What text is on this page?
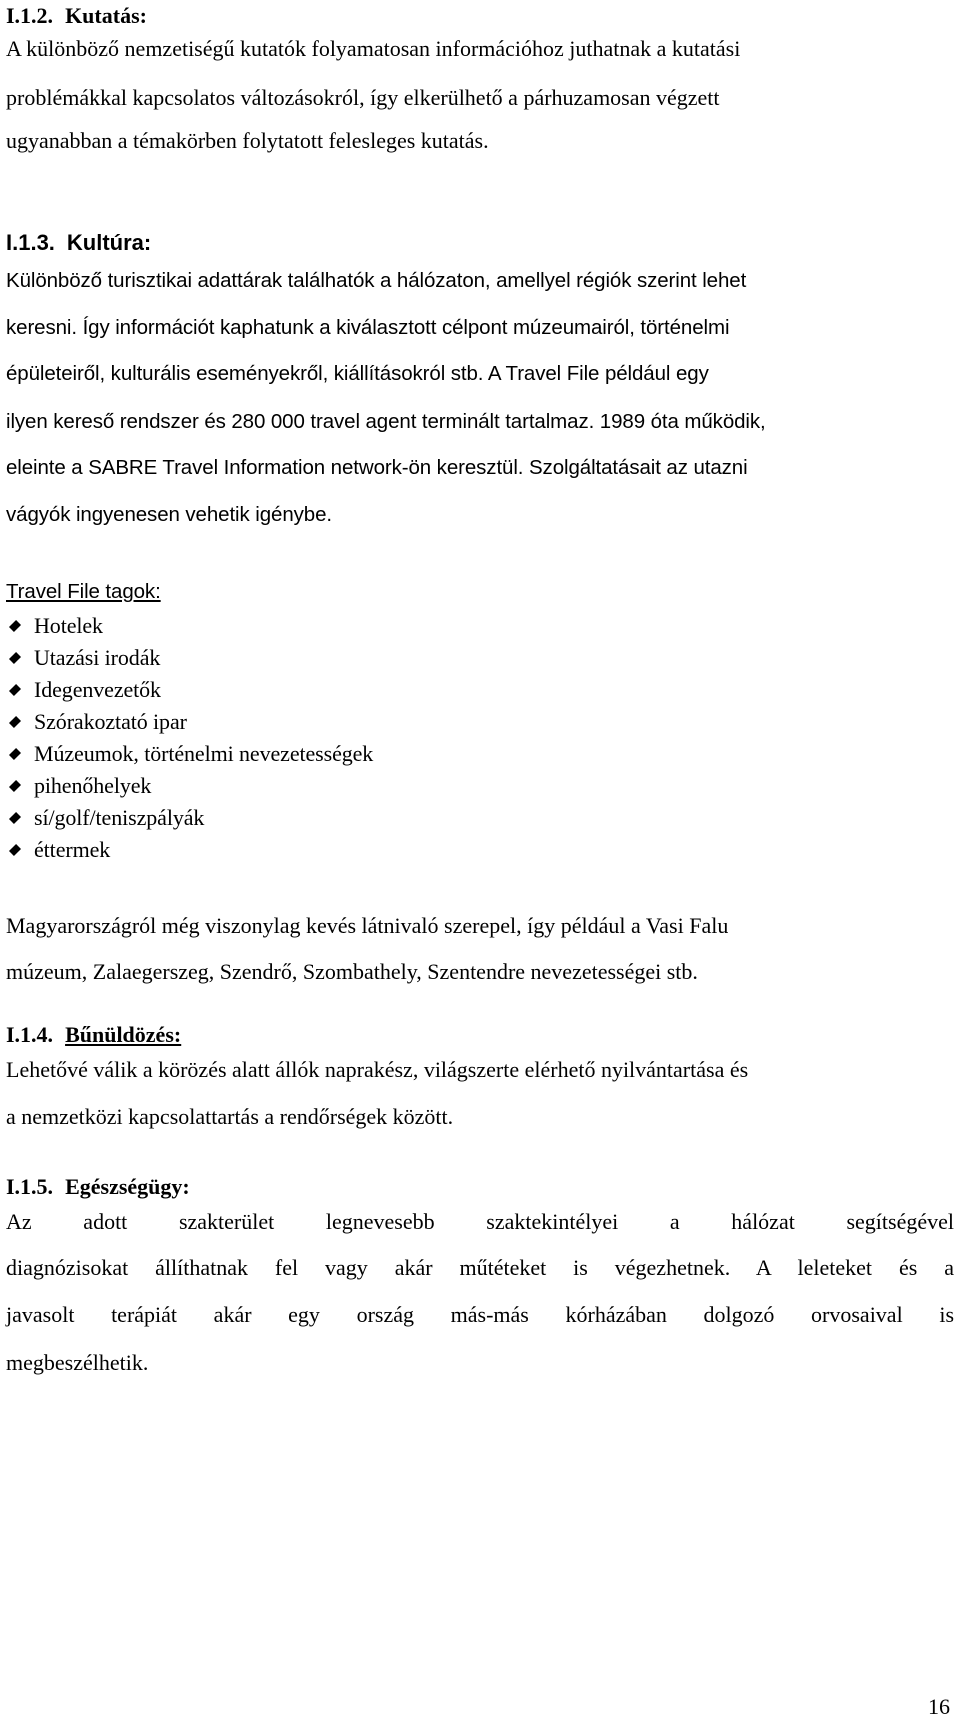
I.1.2. Kutatás:
A különböző nemzetiségű kutatók folyamatosan információhoz juthatnak a kutatási
problémákkal kapcsolatos változásokról, így elkerülhető a párhuzamosan végzett
ugyanabban a témakörben folytatott felesleges kutatás.
I.1.3. Kultúra:
Különböző turisztikai adattárak találhatók a hálózaton, amellyel régiók szerint lehet
keresni. Így információt kaphatunk a kiválasztott célpont múzeumairól, történelmi
épületeiről, kulturális eseményekről, kiállításokról stb. A Travel File például egy
ilyen kereső rendszer és 280 000 travel agent terminált tartalmaz. 1989 óta működik,
eleinte a SABRE Travel Information network-ön keresztül. Szolgáltatásait az utazni
vágyók ingyenesen vehetik igénybe.
Travel File tagok:
Hotelek
Utazási irodák
Idegenvezetők
Szórakoztató ipar
Múzeumok, történelmi nevezetességek
pihenőhelyek
sí/golf/teniszpályák
éttermek
Magyarországról még viszonylag kevés látnivaló szerepel, így például a Vasi Falu
múzeum, Zalaegerszeg, Szendrő, Szombathely, Szentendre nevezetességei stb.
I.1.4. Bűnüldözés:
Lehetővé válik a körözés alatt állók naprakész, világszerte elérhető nyilvántartása és
a nemzetközi kapcsolattartás a rendőrségek között.
I.1.5. Egészségügy:
Az adott szakterület legnevesebb szaktekintélyei a hálózat segítségével
diagnózisokat állíthatnak fel vagy akár műtéteket is végezhetnek. A leleteket és a
javasolt terápiát akár egy ország más-más kórházában dolgozó orvosaival is
megbeszélhetik.
16
